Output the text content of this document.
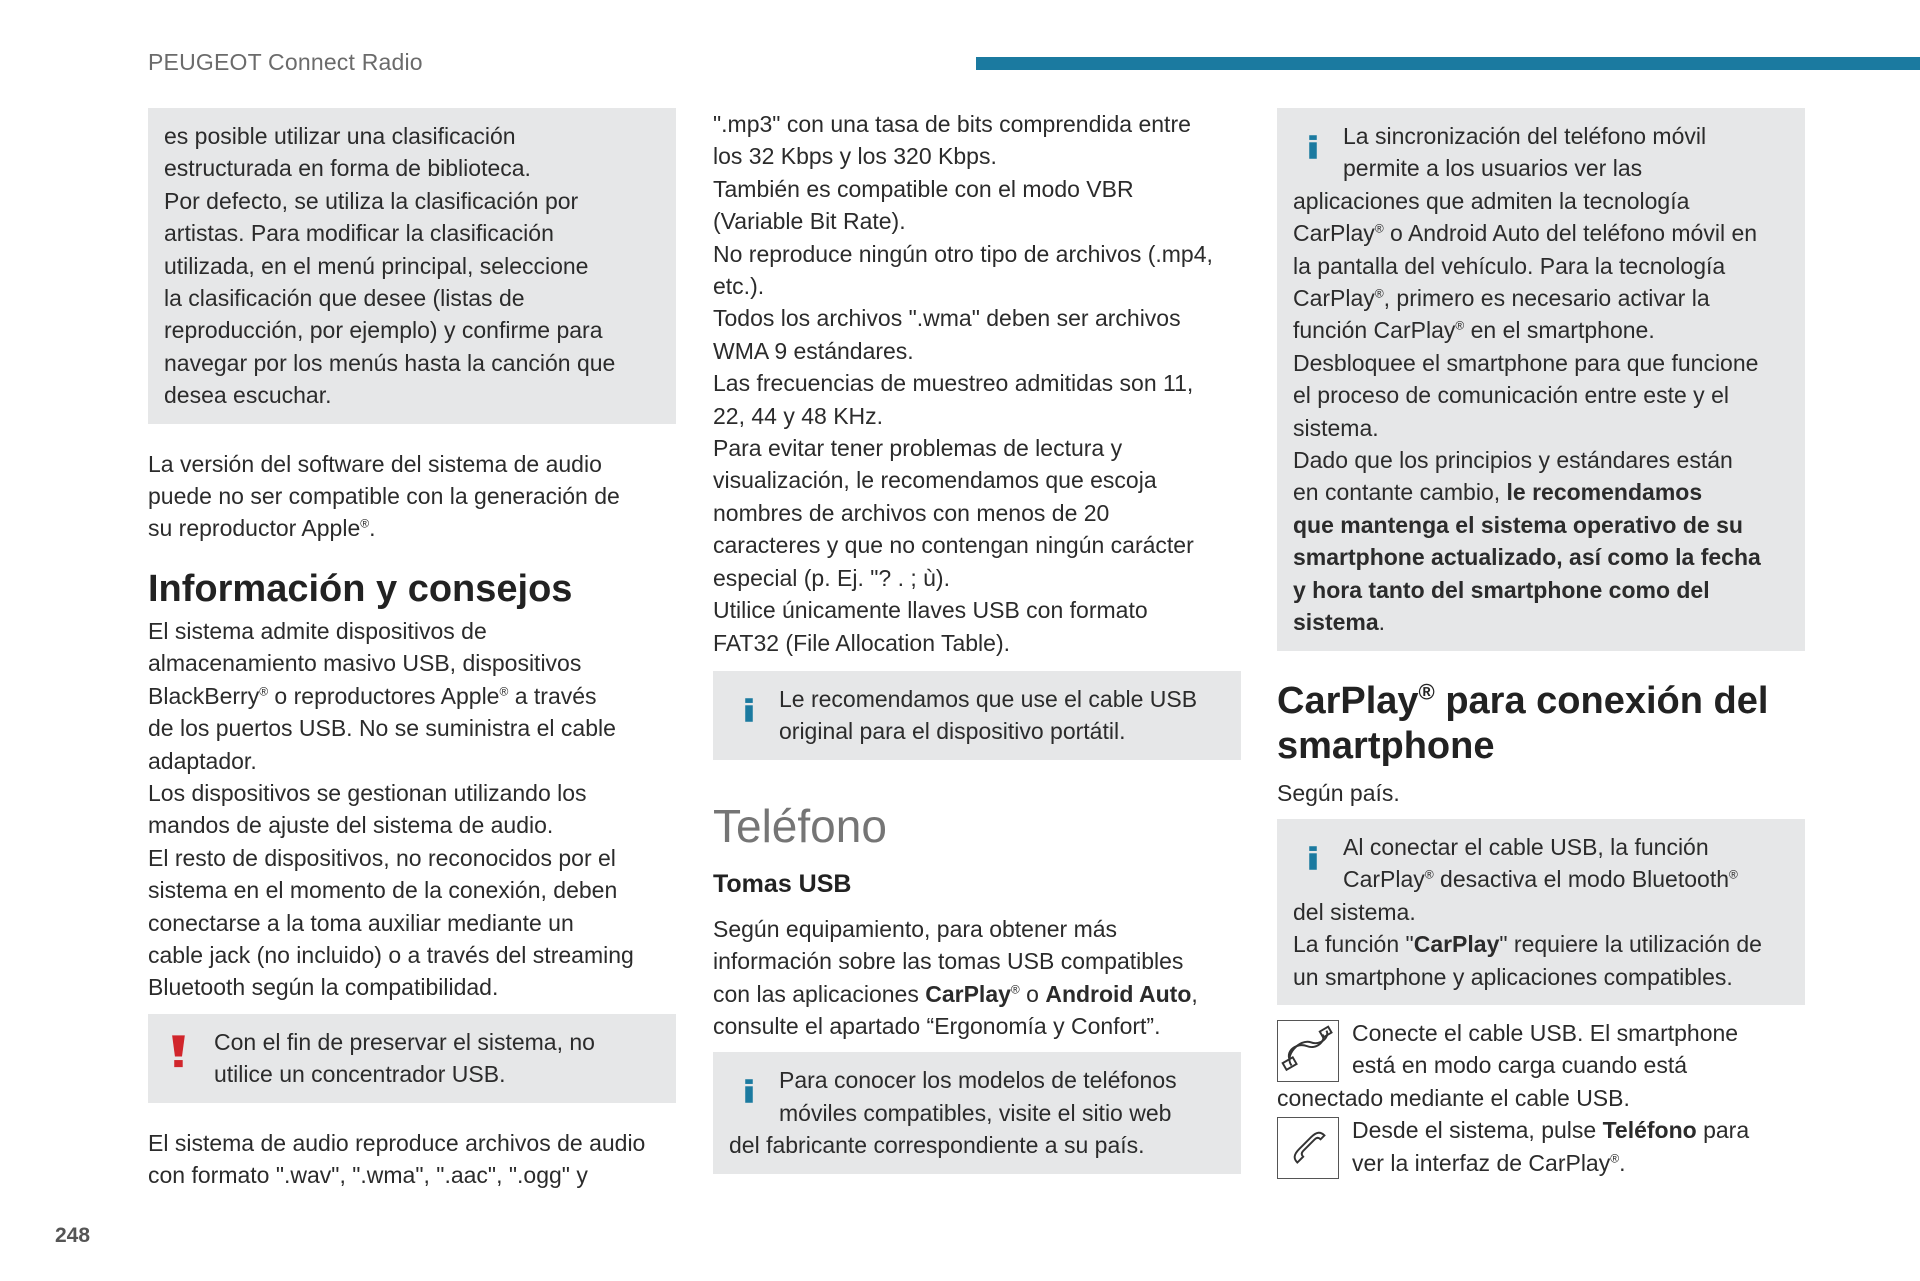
PEUGEOT Connect Radio

es posible utilizar una clasificación
estructurada en forma de biblioteca.
Por defecto, se utiliza la clasificación por
artistas. Para modificar la clasificación
utilizada, en el menú principal, seleccione
la clasificación que desee (listas de
reproducción, por ejemplo) y confirme para
navegar por los menús hasta la canción que
desea escuchar.

La versión del software del sistema de audio
puede no ser compatible con la generación de
su reproductor Apple®.

Información y consejos

El sistema admite dispositivos de
almacenamiento masivo USB, dispositivos
BlackBerry® o reproductores Apple® a través
de los puertos USB. No se suministra el cable
adaptador.
Los dispositivos se gestionan utilizando los
mandos de ajuste del sistema de audio.
El resto de dispositivos, no reconocidos por el
sistema en el momento de la conexión, deben
conectarse a la toma auxiliar mediante un
cable jack (no incluido) o a través del streaming
Bluetooth según la compatibilidad.

Con el fin de preservar el sistema, no
utilice un concentrador USB.

El sistema de audio reproduce archivos de audio
con formato ".wav", ".wma", ".aac", ".ogg" y

".mp3" con una tasa de bits comprendida entre
los 32 Kbps y los 320 Kbps.
También es compatible con el modo VBR
(Variable Bit Rate).
No reproduce ningún otro tipo de archivos (.mp4,
etc.).
Todos los archivos ".wma" deben ser archivos
WMA 9 estándares.
Las frecuencias de muestreo admitidas son 11,
22, 44 y 48 KHz.
Para evitar tener problemas de lectura y
visualización, le recomendamos que escoja
nombres de archivos con menos de 20
caracteres y que no contengan ningún carácter
especial (p. Ej. "? . ; ù).
Utilice únicamente llaves USB con formato
FAT32 (File Allocation Table).

Le recomendamos que use el cable USB
original para el dispositivo portátil.

Teléfono
Tomas USB

Según equipamiento, para obtener más
información sobre las tomas USB compatibles
con las aplicaciones CarPlay® o Android Auto,
consulte el apartado “Ergonomía y Confort”.

Para conocer los modelos de teléfonos
móviles compatibles, visite el sitio web
del fabricante correspondiente a su país.

La sincronización del teléfono móvil
permite a los usuarios ver las
aplicaciones que admiten la tecnología
CarPlay® o Android Auto del teléfono móvil en
la pantalla del vehículo. Para la tecnología
CarPlay®, primero es necesario activar la
función CarPlay® en el smartphone.
Desbloquee el smartphone para que funcione
el proceso de comunicación entre este y el
sistema.
Dado que los principios y estándares están
en contante cambio, le recomendamos
que mantenga el sistema operativo de su
smartphone actualizado, así como la fecha
y hora tanto del smartphone como del
sistema.

CarPlay® para conexión del
smartphone

Según país.

Al conectar el cable USB, la función
CarPlay® desactiva el modo Bluetooth®
del sistema.
La función "CarPlay" requiere la utilización de
un smartphone y aplicaciones compatibles.

Conecte el cable USB. El smartphone
está en modo carga cuando está
conectado mediante el cable USB.

Desde el sistema, pulse Teléfono para
ver la interfaz de CarPlay®.

248
